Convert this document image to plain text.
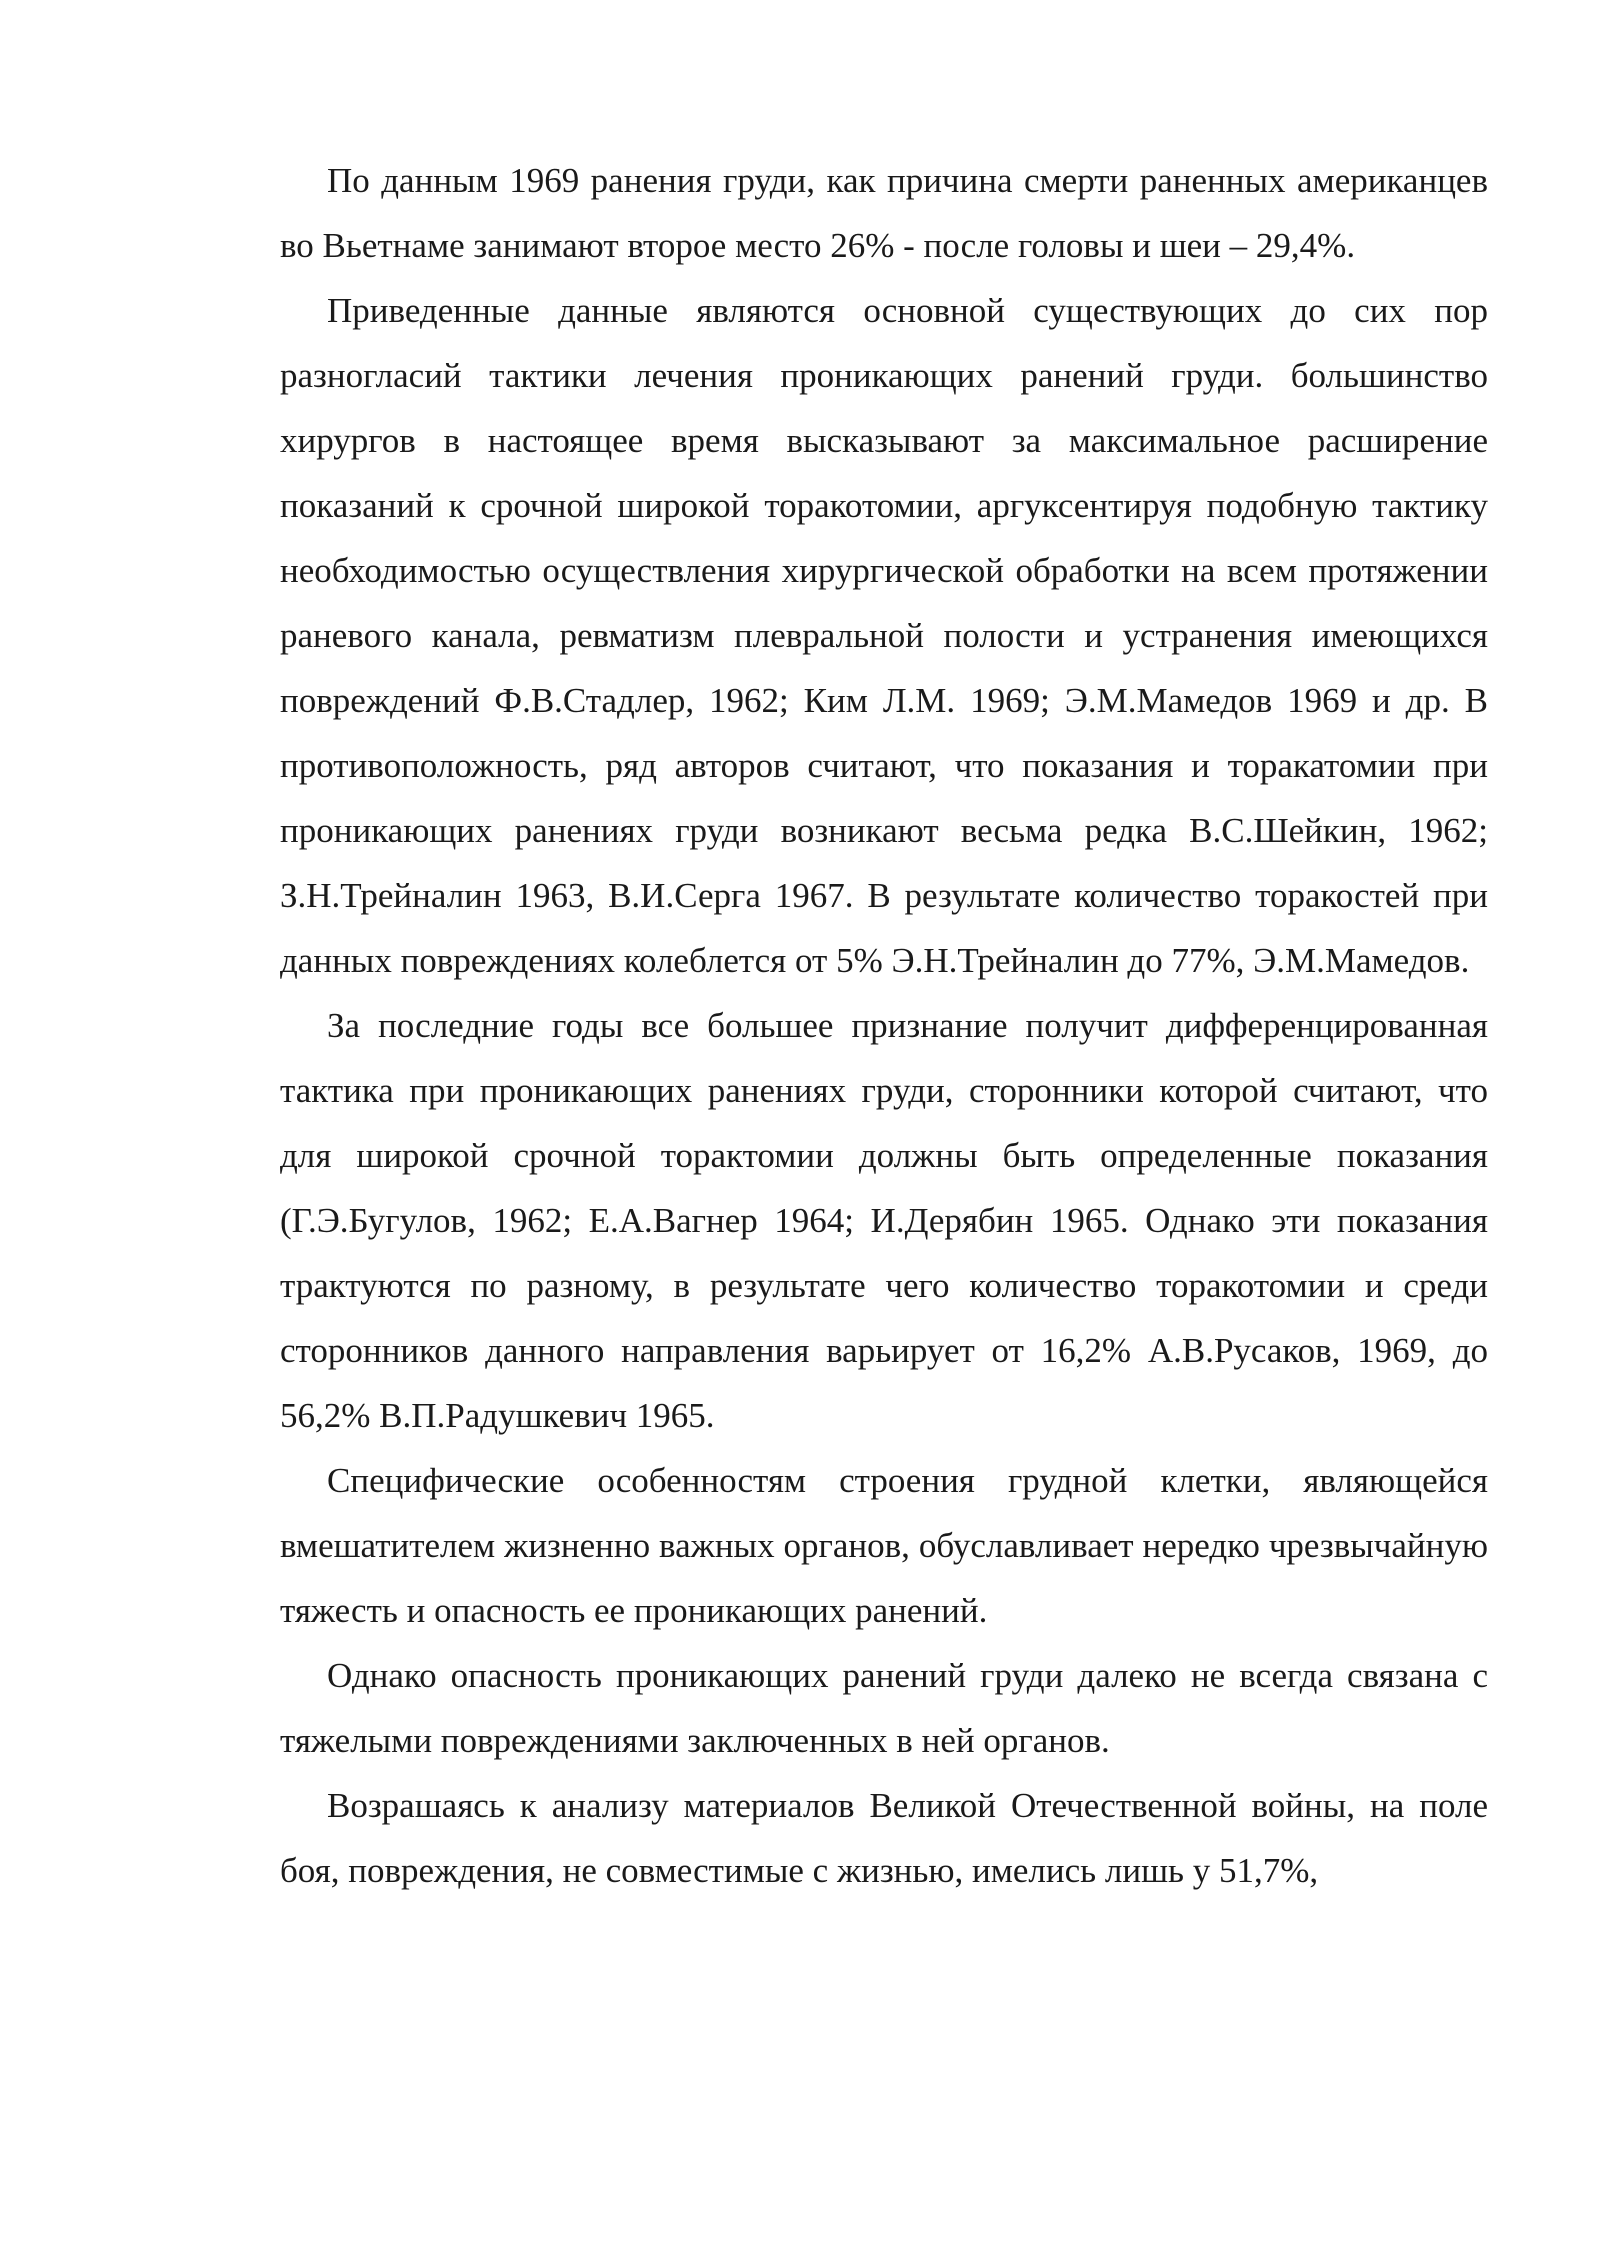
По данным 1969 ранения груди, как причина смерти раненных американцев во Вьетнаме занимают второе место 26% - после головы и шеи – 29,4%.

Приведенные данные являются основной существующих до сих пор разногласий тактики лечения проникающих ранений груди. большинство хирургов в настоящее время высказывают за максимальное расширение показаний к срочной широкой торакотомии, аргуксентируя подобную тактику необходимостью осуществления хирургической обработки на всем протяжении раневого канала, ревматизм плевральной полости и устранения имеющихся повреждений Ф.В.Стадлер, 1962; Ким Л.М. 1969; Э.М.Мамедов 1969 и др. В противоположность, ряд авторов считают, что показания и торакатомии при проникающих ранениях груди возникают весьма редка В.С.Шейкин, 1962; З.Н.Трейналин 1963, В.И.Серга 1967. В результате количество торакостей при данных повреждениях колеблется от 5% Э.Н.Трейналин до 77%, Э.М.Мамедов.

За последние годы все большее признание получит дифференцированная тактика при проникающих ранениях груди, сторонники которой считают, что для широкой срочной торактомии должны быть определенные показания (Г.Э.Бугулов, 1962; Е.А.Вагнер 1964; И.Дерябин 1965. Однако эти показания трактуются по разному, в результате чего количество торакотомии и среди сторонников данного направления варьирует от 16,2% А.В.Русаков, 1969, до 56,2% В.П.Радушкевич 1965.

Специфические особенностям строения грудной клетки, являющейся вмешатителем жизненно важных органов, обуславливает нередко чрезвычайную тяжесть и опасность ее проникающих ранений.

Однако опасность проникающих ранений груди далеко не всегда связана с тяжелыми повреждениями заключенных в ней органов.

Возрашаясь к анализу материалов Великой Отечественной войны, на поле боя, повреждения, не совместимые с жизнью, имелись лишь у 51,7%,
